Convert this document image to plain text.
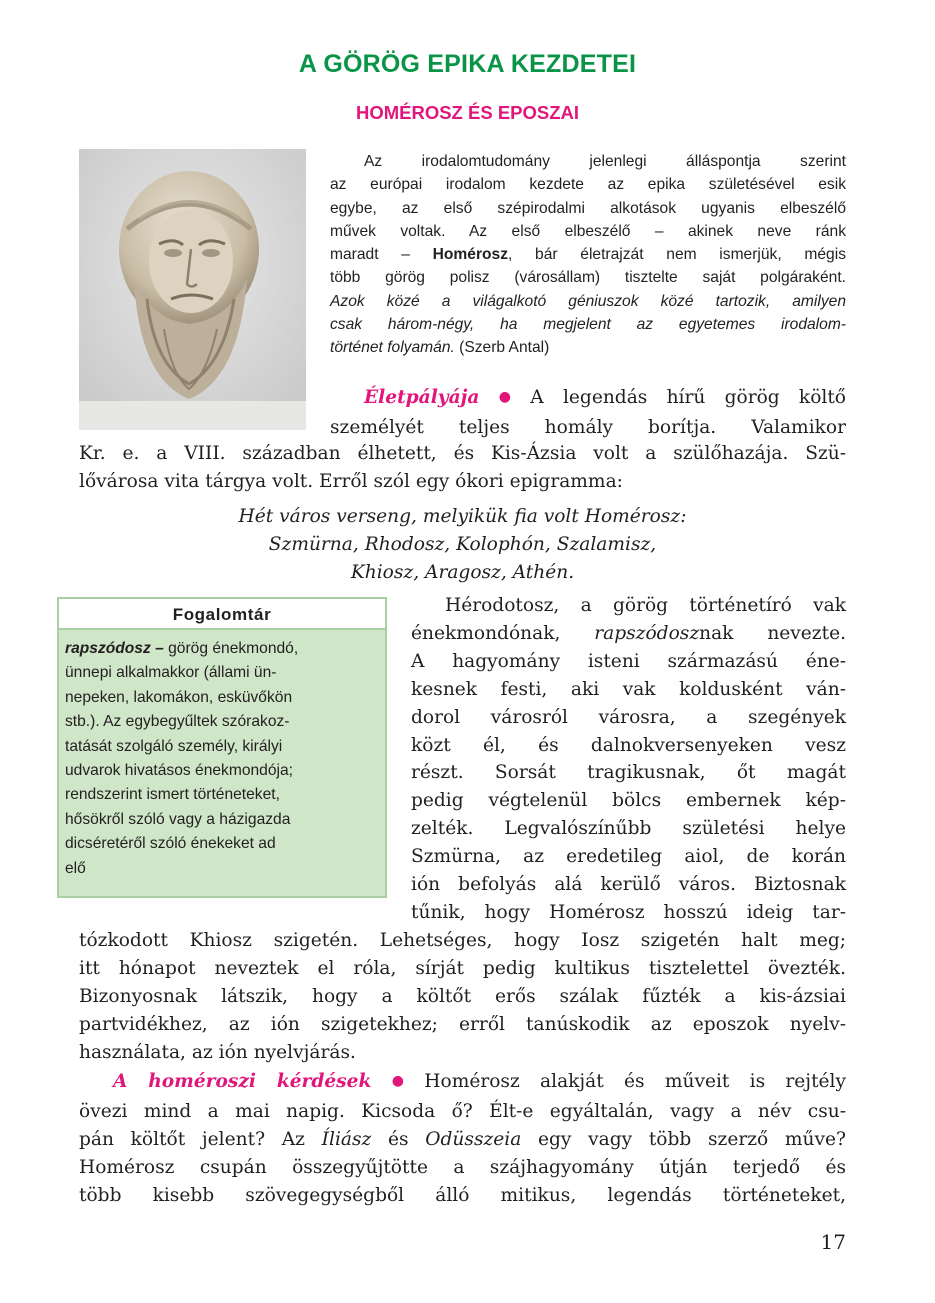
A GÖRÖG EPIKA KEZDETEI
HOMÉROSZ ÉS EPOSZAI
Az irodalomtudomány jelenlegi álláspontja szerint
az európai irodalom kezdete az epika születésével esik
egybe, az első szépirodalmi alkotások ugyanis elbeszélő
művek voltak. Az első elbeszélő – akinek neve ránk
maradt – Homérosz, bár életrajzát nem ismerjük, mégis
több görög polisz (városállam) tisztelte saját polgáraként.
Azok közé a világalkotó géniuszok közé tartozik, amilyen
csak három-négy, ha megjelent az egyetemes irodalom-
történet folyamán. (Szerb Antal)
Életpályája ● A legendás hírű görög költő
személyét teljes homály borítja. Valamikor
Kr. e. a VIII. században élhetett, és Kis-Ázsia volt a szülőhazája. Szü-
lővárosa vita tárgya volt. Erről szól egy ókori epigramma:
Hét város verseng, melyikük fia volt Homérosz:
Szmürna, Rhodosz, Kolophón, Szalamisz,
Khiosz, Aragosz, Athén.
Fogalomtár
rapszódosz – görög énekmondó,
ünnepi alkalmakkor (állami ün-
nepeken, lakomákon, esküvőkön
stb.). Az egybegyűltek szórakoz-
tatását szolgáló személy, királyi
udvarok hivatásos énekmondója;
rendszerint ismert történeteket,
hősökről szóló vagy a házigazda
dicséretéről szóló énekeket ad
elő
Hérodotosz, a görög történetíró vak
énekmondónak, rapszódosznak nevezte.
A hagyomány isteni származású éne-
kesnek festi, aki vak koldusként ván-
dorol városról városra, a szegények
közt él, és dalnokversenyeken vesz
részt. Sorsát tragikusnak, őt magát
pedig végtelenül bölcs embernek kép-
zelték. Legvalószínűbb születési helye
Szmürna, az eredetileg aiol, de korán
ión befolyás alá kerülő város. Biztosnak
tűnik, hogy Homérosz hosszú ideig tar-
tózkodott Khiosz szigetén. Lehetséges, hogy Iosz szigetén halt meg;
itt hónapot neveztek el róla, sírját pedig kultikus tisztelettel övezték.
Bizonyosnak látszik, hogy a költőt erős szálak fűzték a kis-ázsiai
partvidékhez, az ión szigetekhez; erről tanúskodik az eposzok nyelv-
használata, az ión nyelvjárás.
A homéroszi kérdések ● Homérosz alakját és műveit is rejtély
övezi mind a mai napig. Kicsoda ő? Élt-e egyáltalán, vagy a név csu-
pán költőt jelent? Az Íliász és Odüsszeia egy vagy több szerző műve?
Homérosz csupán összegyűjtötte a szájhagyomány útján terjedő és
több kisebb szövegegységből álló mitikus, legendás történeteket,
17
